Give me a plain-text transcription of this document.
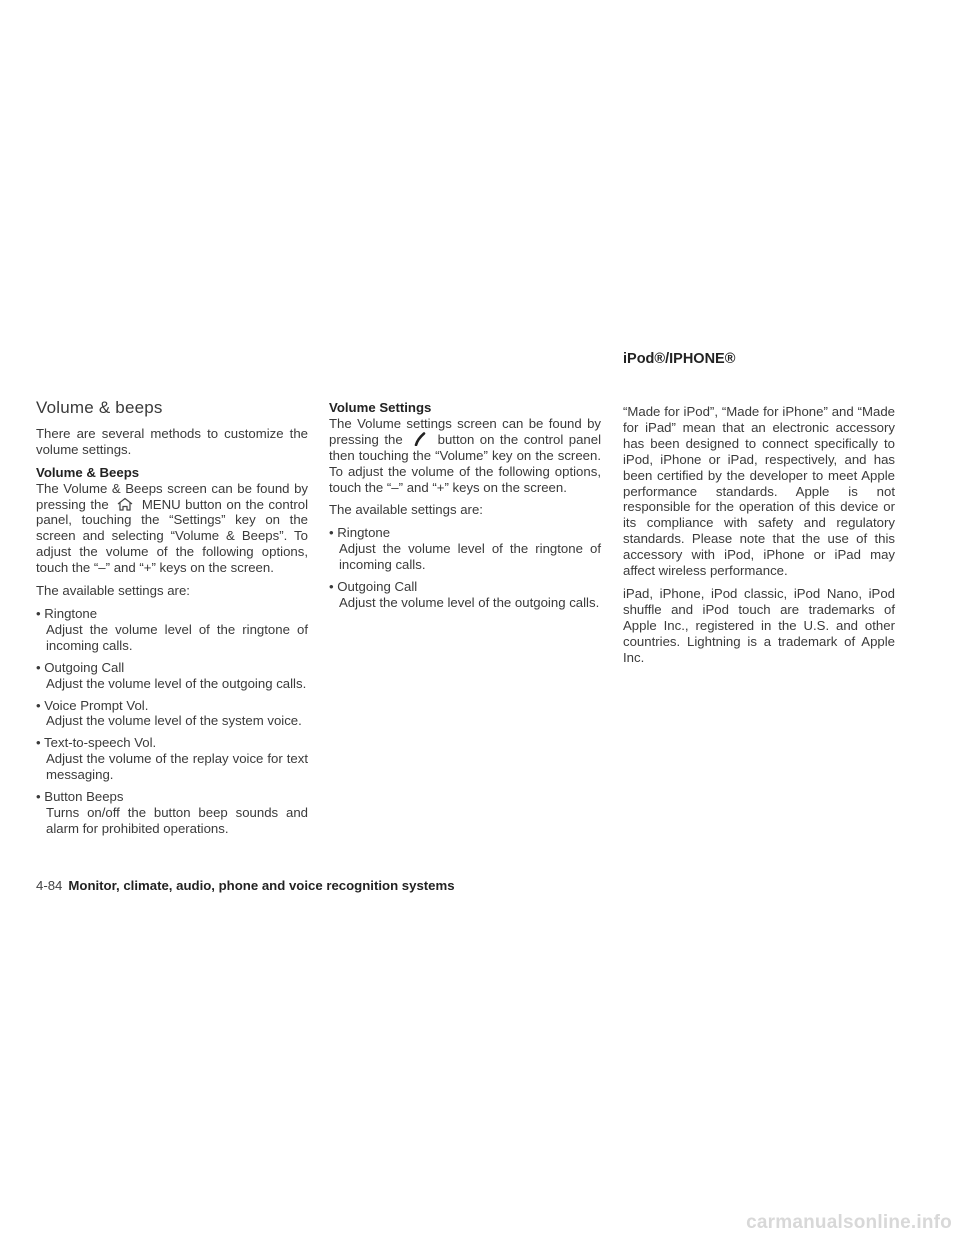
Volume & beeps

There are several methods to customize the volume settings.

Volume & Beeps
The Volume & Beeps screen can be found by pressing the	MENU button on the control panel, touching the “Settings” key on the screen and selecting “Volume & Beeps”. To adjust the volume of the following options, touch the “–” and “+” keys on the screen.

The available settings are:

• Ringtone
Adjust the volume level of the ringtone of incoming calls.
• Outgoing Call
Adjust the volume level of the outgoing calls.
• Voice Prompt Vol.
Adjust the volume level of the system voice.
• Text-to-speech Vol.
Adjust the volume of the replay voice for text messaging.
• Button Beeps
Turns on/off the button beep sounds and alarm for prohibited operations.

Volume Settings
The Volume settings screen can be found by pressing the	button on the control panel then touching the “Volume” key on the screen. To adjust the volume of the following options, touch the “–” and “+” keys on the screen.

The available settings are:

• Ringtone
Adjust the volume level of the ringtone of incoming calls.
• Outgoing Call
Adjust the volume level of the outgoing calls.
iPod®/IPHONE®

“Made for iPod”, “Made for iPhone” and “Made for iPad” mean that an electronic accessory has been designed to connect specifically to iPod, iPhone or iPad, respectively, and has been certified by the developer to meet Apple performance standards. Apple is not responsible for the operation of this device or its compliance with safety and regulatory standards. Please note that the use of this accessory with iPod, iPhone or iPad may affect wireless performance.

iPad, iPhone, iPod classic, iPod Nano, iPod shuffle and iPod touch are trademarks of Apple Inc., registered in the U.S. and other countries. Lightning is a trademark of Apple Inc.

4-84 Monitor, climate, audio, phone and voice recognition systems
carmanualsonline.info
